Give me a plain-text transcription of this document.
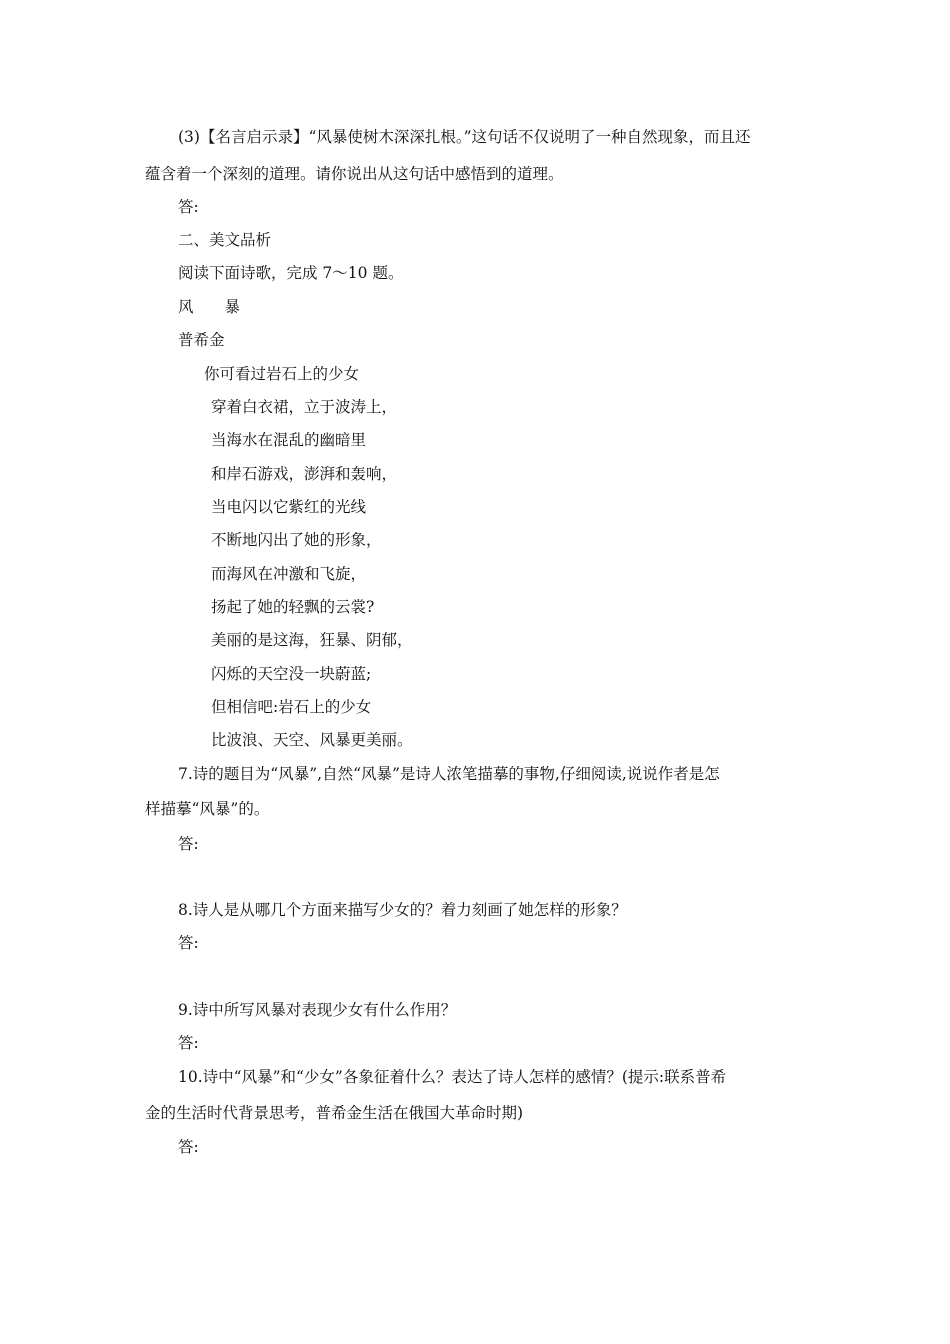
(3)【名言启示录】“风暴使树木深深扎根。”这句话不仅说明了一种自然现象，而且还
蕴含着一个深刻的道理。请你说出从这句话中感悟到的道理。
答:
二、美文品析
阅读下面诗歌，完成 7～10 题。
风　　暴
普希金
你可看过岩石上的少女
穿着白衣裙，立于波涛上，
当海水在混乱的幽暗里
和岸石游戏，澎湃和轰响，
当电闪以它紫红的光线
不断地闪出了她的形象，
而海风在冲激和飞旋，
扬起了她的轻飘的云裳?
美丽的是这海，狂暴、阴郁，
闪烁的天空没一块蔚蓝;
但相信吧:岩石上的少女
比波浪、天空、风暴更美丽。
7.诗的题目为“风暴”,自然“风暴”是诗人浓笔描摹的事物,仔细阅读,说说作者是怎
样描摹“风暴”的。
答:
8.诗人是从哪几个方面来描写少女的？着力刻画了她怎样的形象？
答:
9.诗中所写风暴对表现少女有什么作用？
答:
10.诗中“风暴”和“少女”各象征着什么？表达了诗人怎样的感情？(提示:联系普希
金的生活时代背景思考，普希金生活在俄国大革命时期)
答:
